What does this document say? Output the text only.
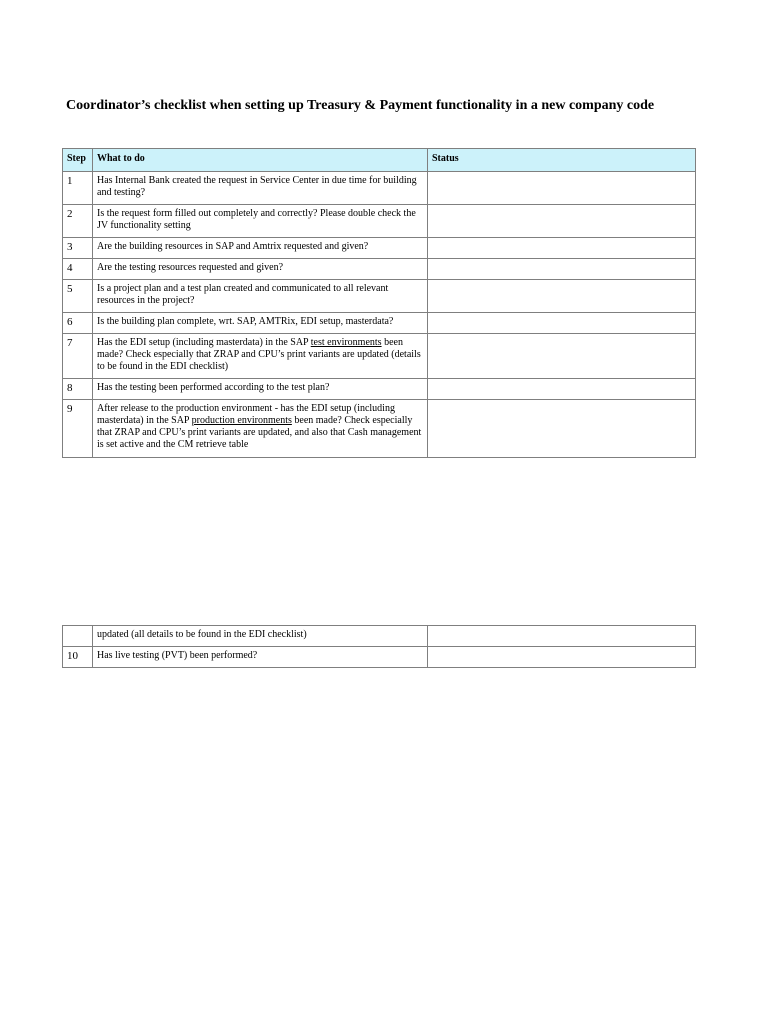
Coordinator’s checklist when setting up Treasury & Payment functionality in a new company code
Step	What to do	Status
1	Has Internal Bank created the request in Service Center in due time for building and testing?	
2	Is the request form filled out completely and correctly? Please double check the JV functionality setting	
3	Are the building resources in SAP and Amtrix requested and given?	
4	Are the testing resources requested and given?	
5	Is a project plan and a test plan created and communicated to all relevant resources in the project?	
6	Is the building plan complete, wrt. SAP, AMTRix, EDI setup, masterdata?	
7	Has the EDI setup (including masterdata) in the SAP test environments been made? Check especially that ZRAP and CPU’s print variants are updated (details to be found in the EDI checklist)	
8	Has the testing been performed according to the test plan?	
9	After release to the production environment - has the EDI setup (including masterdata) in the SAP production environments been made? Check especially that ZRAP and CPU’s print variants are updated, and also that Cash management is set active and the CM retrieve table	
	updated (all details to be found in the EDI checklist)	
10	Has live testing (PVT) been performed?	
